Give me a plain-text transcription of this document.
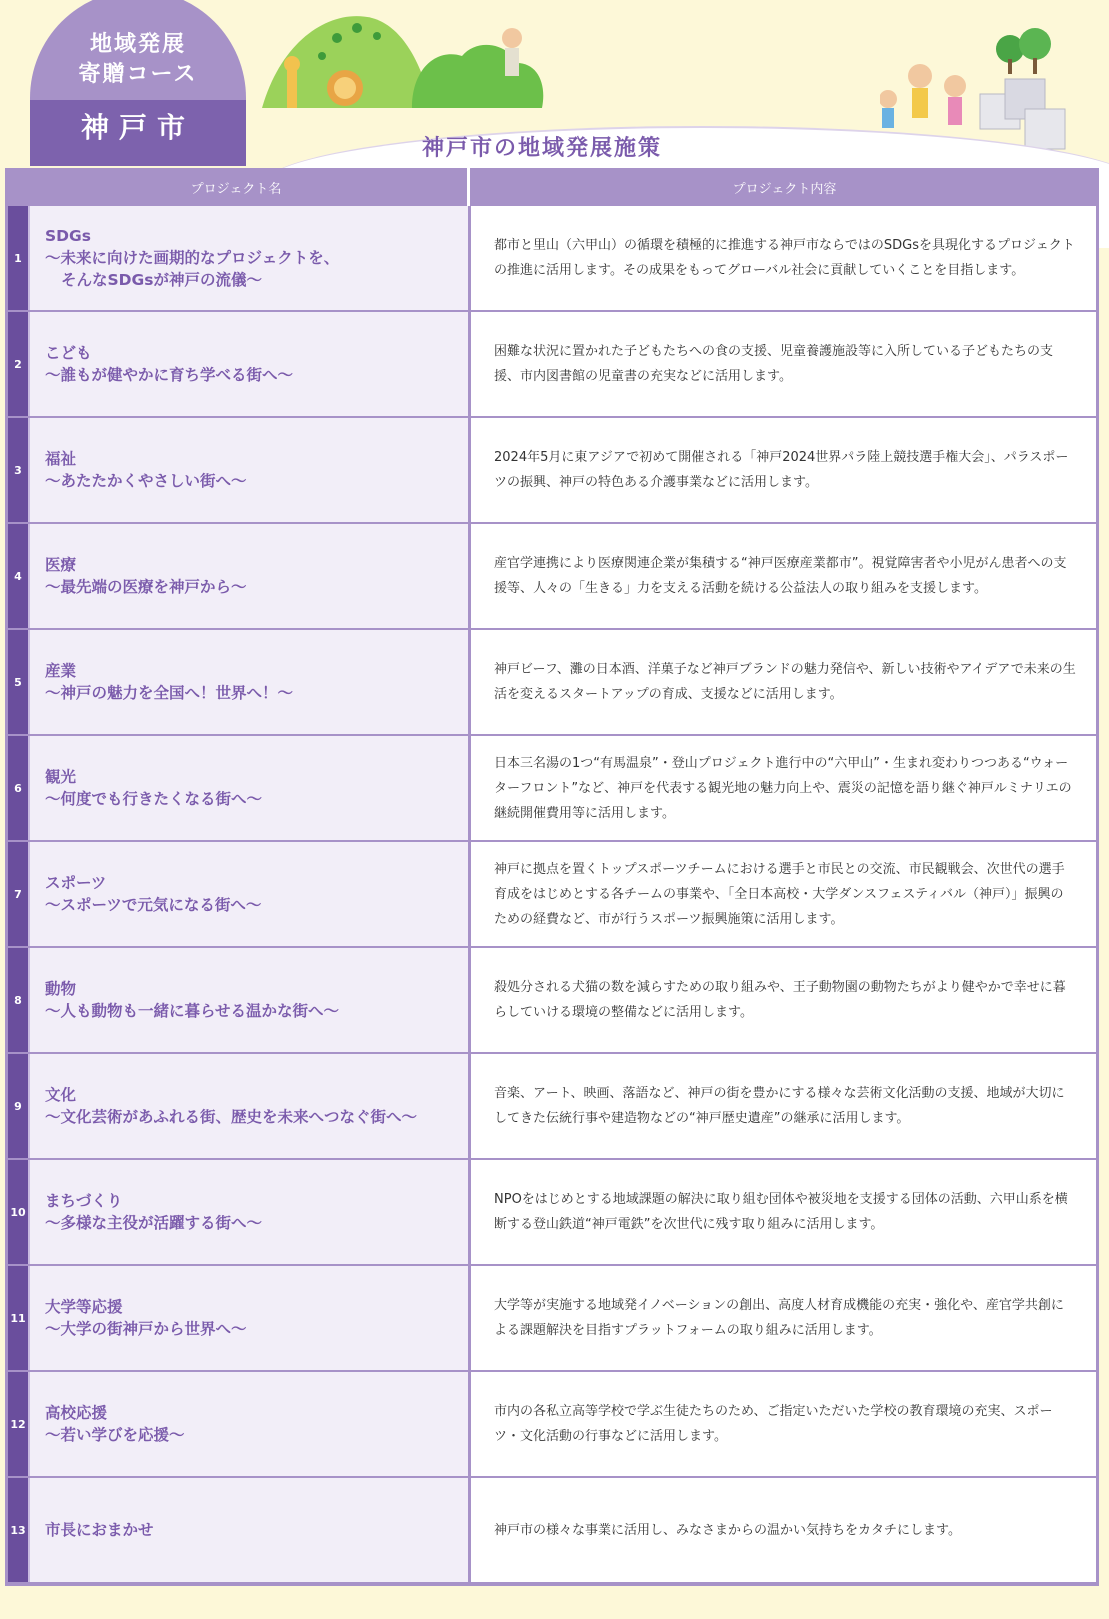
地域発展
寄贈コース
神戸市
神戸市の地域発展施策
プロジェクト名	プロジェクト内容
1
SDGs
〜未来に向けた画期的なプロジェクトを、
そんなSDGsが神戸の流儀〜
都市と里山（六甲山）の循環を積極的に推進する神戸市ならではのSDGsを具現化するプロジェクトの推進に活用します。その成果をもってグローバル社会に貢献していくことを目指します。
2
こども
〜誰もが健やかに育ち学べる街へ〜
困難な状況に置かれた子どもたちへの食の支援、児童養護施設等に入所している子どもたちの支援、市内図書館の児童書の充実などに活用します。
3
福祉
〜あたたかくやさしい街へ〜
2024年5月に東アジアで初めて開催される「神戸2024世界パラ陸上競技選手権大会」、パラスポーツの振興、神戸の特色ある介護事業などに活用します。
4
医療
〜最先端の医療を神戸から〜
産官学連携により医療関連企業が集積する“神戸医療産業都市”。視覚障害者や小児がん患者への支援等、人々の「生きる」力を支える活動を続ける公益法人の取り組みを支援します。
5
産業
〜神戸の魅力を全国へ！世界へ！〜
神戸ビーフ、灘の日本酒、洋菓子など神戸ブランドの魅力発信や、新しい技術やアイデアで未来の生活を変えるスタートアップの育成、支援などに活用します。
6
観光
〜何度でも行きたくなる街へ〜
日本三名湯の1つ“有馬温泉”・登山プロジェクト進行中の“六甲山”・生まれ変わりつつある“ウォーターフロント”など、神戸を代表する観光地の魅力向上や、震災の記憶を語り継ぐ神戸ルミナリエの継続開催費用等に活用します。
7
スポーツ
〜スポーツで元気になる街へ〜
神戸に拠点を置くトップスポーツチームにおける選手と市民との交流、市民観戦会、次世代の選手育成をはじめとする各チームの事業や、「全日本高校・大学ダンスフェスティバル（神戸）」振興のための経費など、市が行うスポーツ振興施策に活用します。
8
動物
〜人も動物も一緒に暮らせる温かな街へ〜
殺処分される犬猫の数を減らすための取り組みや、王子動物園の動物たちがより健やかで幸せに暮らしていける環境の整備などに活用します。
9
文化
〜文化芸術があふれる街、歴史を未来へつなぐ街へ〜
音楽、アート、映画、落語など、神戸の街を豊かにする様々な芸術文化活動の支援、地域が大切にしてきた伝統行事や建造物などの“神戸歴史遺産”の継承に活用します。
10
まちづくり
〜多様な主役が活躍する街へ〜
NPOをはじめとする地域課題の解決に取り組む団体や被災地を支援する団体の活動、六甲山系を横断する登山鉄道“神戸電鉄”を次世代に残す取り組みに活用します。
11
大学等応援
〜大学の街神戸から世界へ〜
大学等が実施する地域発イノベーションの創出、高度人材育成機能の充実・強化や、産官学共創による課題解決を目指すプラットフォームの取り組みに活用します。
12
高校応援
〜若い学びを応援〜
市内の各私立高等学校で学ぶ生徒たちのため、ご指定いただいた学校の教育環境の充実、スポーツ・文化活動の行事などに活用します。
13 市長におまかせ	神戸市の様々な事業に活用し、みなさまからの温かい気持ちをカタチにします。
